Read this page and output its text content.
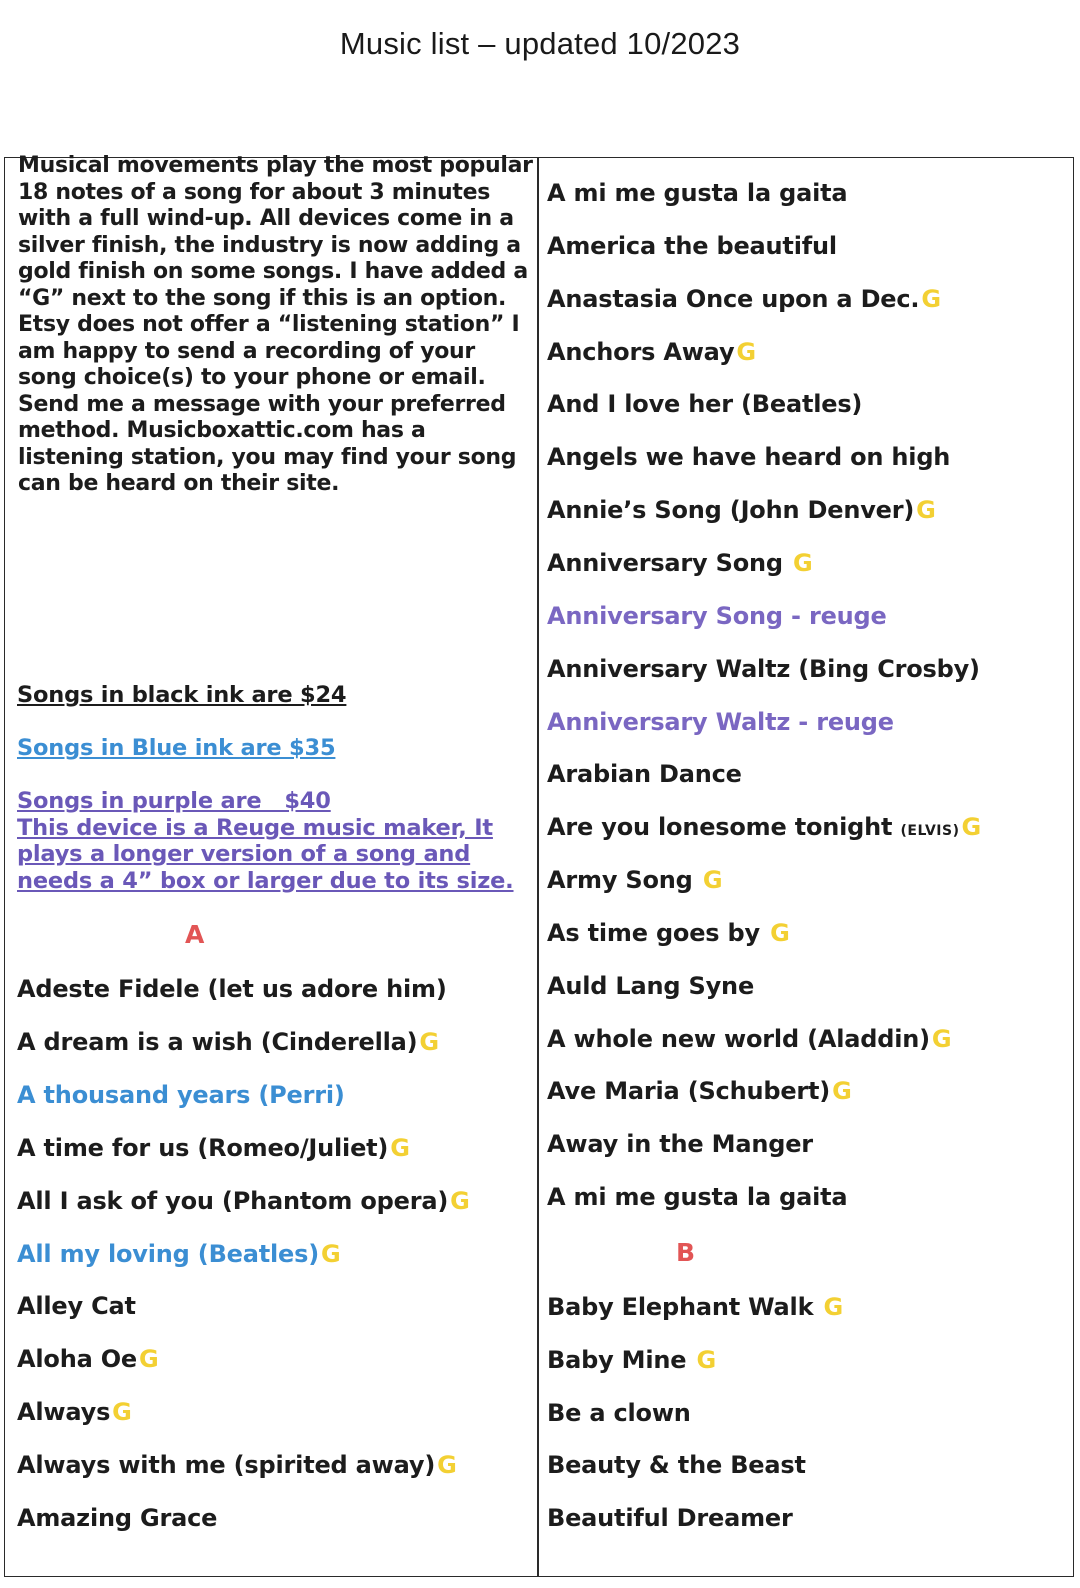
Music list – updated 10/2023
Musical movements play the most popular 18 notes of a song for about 3 minutes with a full wind-up. All devices come in a silver finish, the industry is now adding a gold finish on some songs. I have added a “G” next to the song if this is an option. Etsy does not offer a “listening station” I am happy to send a recording of your song choice(s) to your phone or email. Send me a message with your preferred method. Musicboxattic.com has a listening station, you may find your song can be heard on their site.
Songs in black ink are $24
Songs in Blue ink are $35
Songs in purple are   $40
This device is a Reuge music maker, It plays a longer version of a song and needs a 4” box or larger due to its size.
A
B
Adeste Fidele (let us adore him)
A dream is a wish (Cinderella)G
A thousand years (Perri)
A time for us (Romeo/Juliet)G
All I ask of you (Phantom opera)G
All my loving (Beatles)G
Alley Cat
Aloha OeG
AlwaysG
Always with me (spirited away)G
Amazing Grace
A mi me gusta la gaita
America the beautiful
Anastasia Once upon a Dec.G
Anchors AwayG
And I love her (Beatles)
Angels we have heard on high
Annie’s Song (John Denver)G
Anniversary Song G
Anniversary Song - reuge
Anniversary Waltz (Bing Crosby)
Anniversary Waltz - reuge
Arabian Dance
Are you lonesome tonight (ELVIS)G
Army Song G
As time goes by G
Auld Lang Syne
A whole new world (Aladdin)G
Ave Maria (Schubert)G
Away in the Manger
A mi me gusta la gaita
Baby Elephant Walk G
Baby Mine G
Be a clown
Beauty & the Beast
Beautiful Dreamer
